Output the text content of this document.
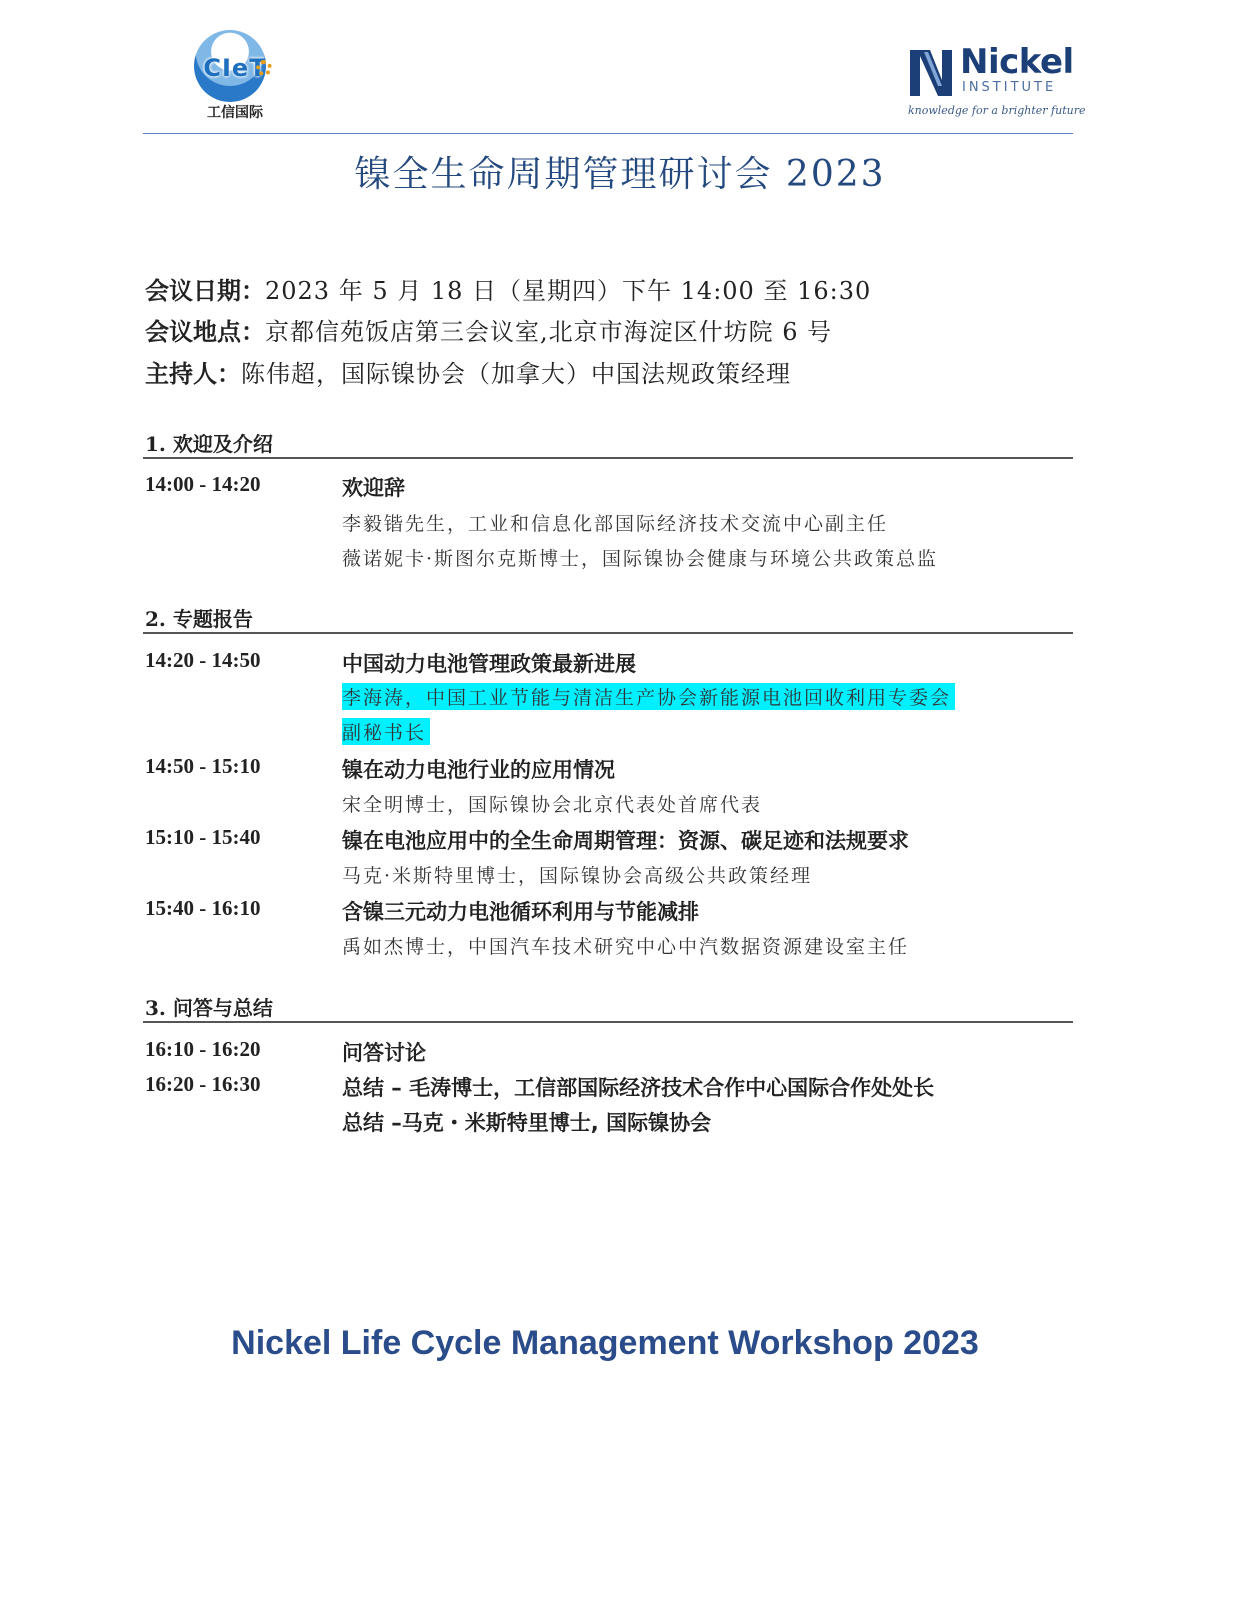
CIeT
工信国际
Nickel
INSTITUTE
knowledge for a brighter future
镍全生命周期管理研讨会 2023
会议日期：2023 年 5 月 18 日（星期四）下午 14:00 至 16:30
会议地点：京都信苑饭店第三会议室,北京市海淀区什坊院 6 号
主持人：陈伟超，国际镍协会（加拿大）中国法规政策经理
1. 欢迎及介绍
14:00 - 14:20	欢迎辞
李毅锴先生，工业和信息化部国际经济技术交流中心副主任
薇诺妮卡·斯图尔克斯博士，国际镍协会健康与环境公共政策总监
2. 专题报告
14:20 - 14:50	中国动力电池管理政策最新进展
李海涛，中国工业节能与清洁生产协会新能源电池回收利用专委会
副秘书长
14:50 - 15:10	镍在动力电池行业的应用情况
宋全明博士，国际镍协会北京代表处首席代表
15:10 - 15:40	镍在电池应用中的全生命周期管理：资源、碳足迹和法规要求
马克·米斯特里博士，国际镍协会高级公共政策经理
15:40 - 16:10	含镍三元动力电池循环利用与节能减排
禹如杰博士，中国汽车技术研究中心中汽数据资源建设室主任
3. 问答与总结
16:10 - 16:20	问答讨论
16:20 - 16:30	总结 – 毛涛博士，工信部国际经济技术合作中心国际合作处处长
总结 –马克・米斯特里博士, 国际镍协会
Nickel Life Cycle Management Workshop 2023
